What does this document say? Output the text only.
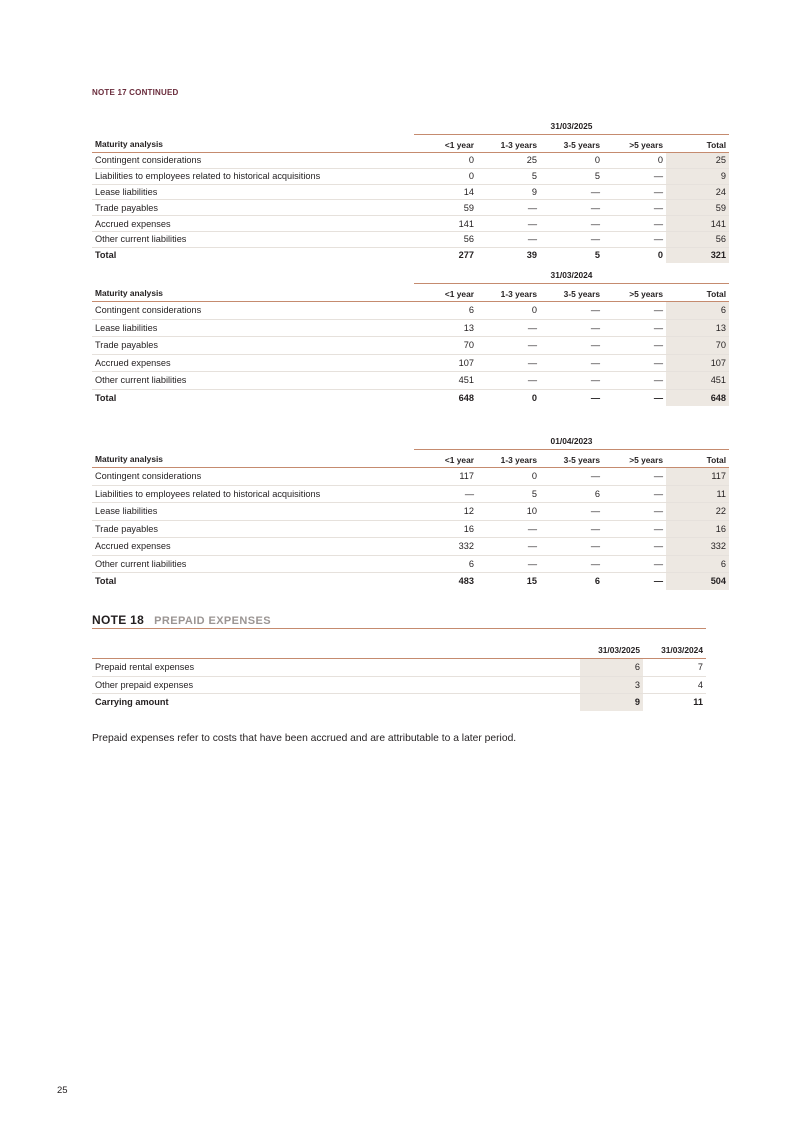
NOTE 17 CONTINUED
	31/03/2025				
Maturity analysis	<1 year	1-3 years	3-5 years	>5 years	Total
Contingent considerations	0	25	0	0	25
Liabilities to employees related to historical acquisitions	0	5	5	—	9
Lease liabilities	14	9	—	—	24
Trade payables	59	—	—	—	59
Accrued expenses	141	—	—	—	141
Other current liabilities	56	—	—	—	56
Total	277	39	5	0	321
	31/03/2024				
Maturity analysis	<1 year	1-3 years	3-5 years	>5 years	Total
Contingent considerations	6	0	—	—	6
Lease liabilities	13	—	—	—	13
Trade payables	70	—	—	—	70
Accrued expenses	107	—	—	—	107
Other current liabilities	451	—	—	—	451
Total	648	0	—	—	648
	01/04/2023				
Maturity analysis	<1 year	1-3 years	3-5 years	>5 years	Total
Contingent considerations	117	0	—	—	117
Liabilities to employees related to historical acquisitions	—	5	6	—	11
Lease liabilities	12	10	—	—	22
Trade payables	16	—	—	—	16
Accrued expenses	332	—	—	—	332
Other current liabilities	6	—	—	—	6
Total	483	15	6	—	504
NOTE 18 PREPAID EXPENSES
	31/03/2025	31/03/2024
Prepaid rental expenses	6	7
Other prepaid expenses	3	4
Carrying amount	9	11
Prepaid expenses refer to costs that have been accrued and are attributable to a later period.
25
